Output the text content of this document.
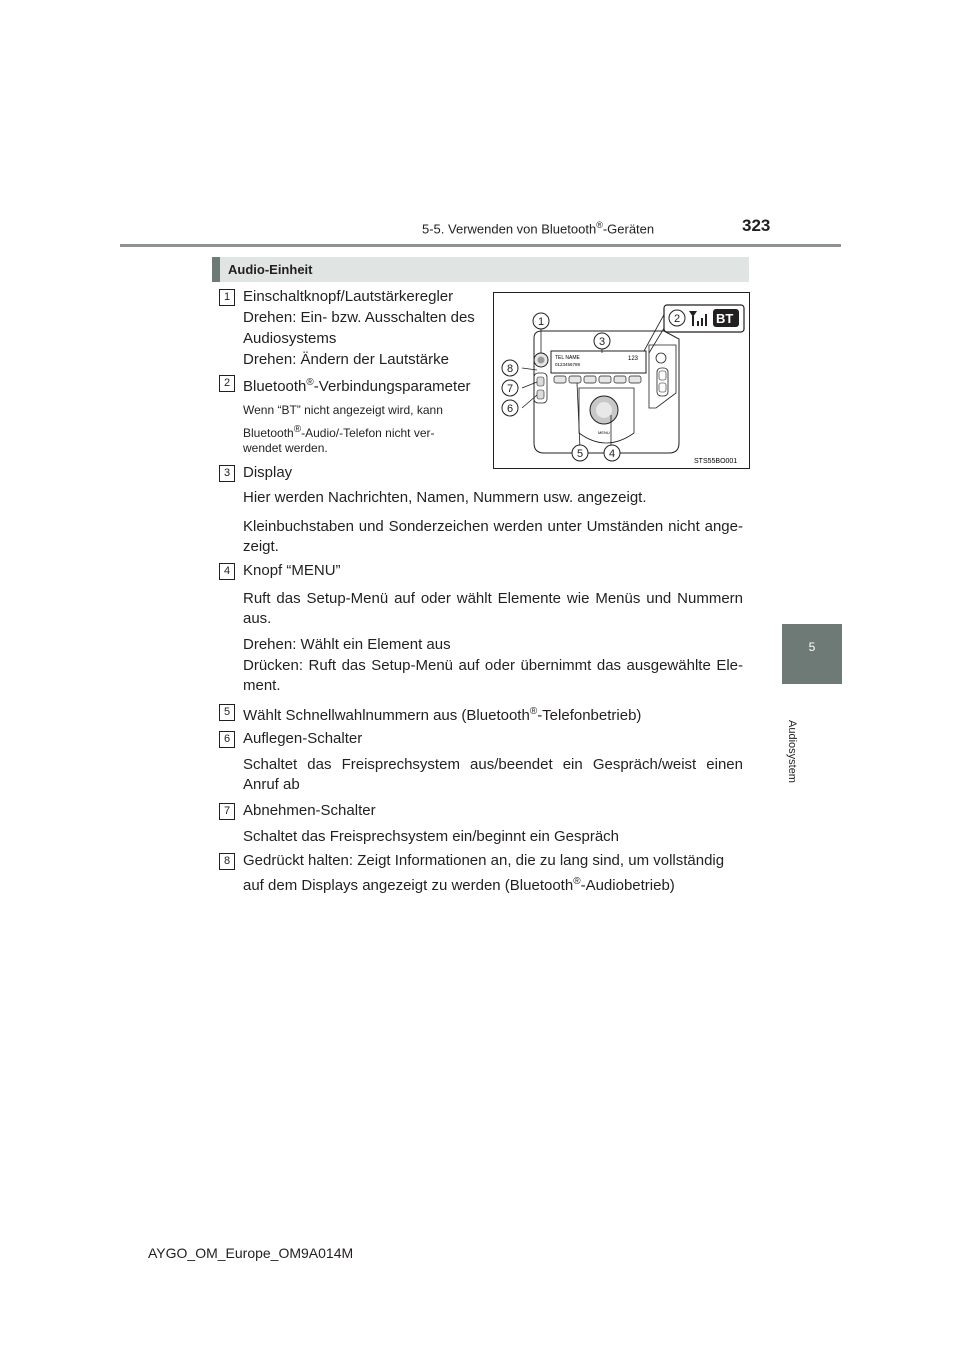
5-5. Verwenden von Bluetooth®-Geräten	323
5
Audiosystem
Audio-Einheit
TEL NAME
0123456789
123
MENU
BT
1	2
3
4
5
6
7
8
STS55BO001
1 Einschaltknopf/Lautstärkeregler
Drehen: Ein- bzw. Ausschalten des
Audiosystems
Drehen: Ändern der Lautstärke
2 Bluetooth®-Verbindungsparameter
Wenn “BT” nicht angezeigt wird, kann
Bluetooth®-Audio/-Telefon nicht ver-
wendet werden.
3 Display
Hier werden Nachrichten, Namen, Nummern usw. angezeigt.
Kleinbuchstaben und Sonderzeichen werden unter Umständen nicht ange-zeigt.
4 Knopf “MENU”
Ruft das Setup-Menü auf oder wählt Elemente wie Menüs und Nummern aus.
Drehen: Wählt ein Element aus
Drücken: Ruft das Setup-Menü auf oder übernimmt das ausgewählte Ele-ment.
5 Wählt Schnellwahlnummern aus (Bluetooth®-Telefonbetrieb)
6 Auflegen-Schalter
Schaltet das Freisprechsystem aus/beendet ein Gespräch/weist einen Anruf ab
7 Abnehmen-Schalter
Schaltet das Freisprechsystem ein/beginnt ein Gespräch
8 Gedrückt halten: Zeigt Informationen an, die zu lang sind, um vollständig
auf dem Displays angezeigt zu werden (Bluetooth®-Audiobetrieb)
AYGO_OM_Europe_OM9A014M
